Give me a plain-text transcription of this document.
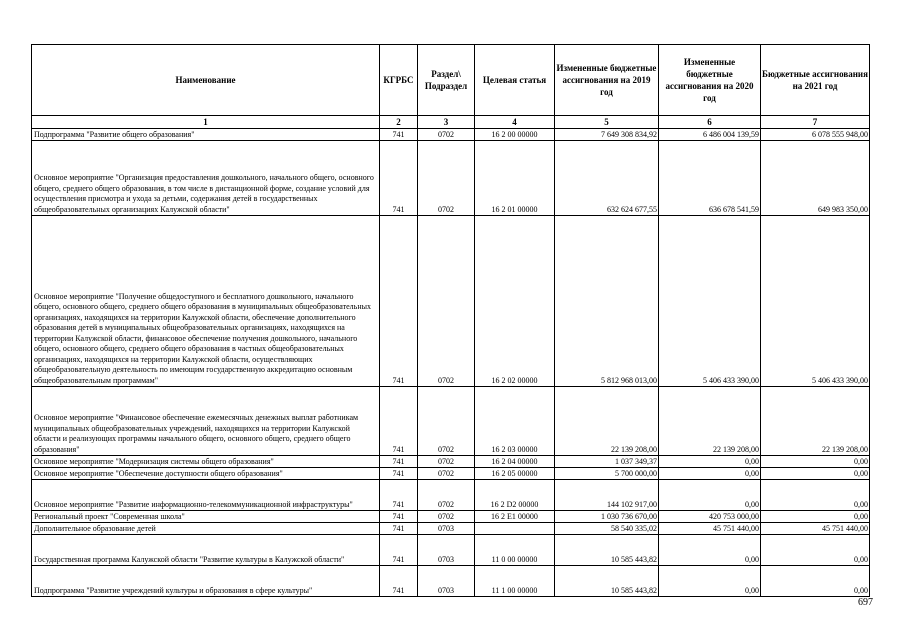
Наименование	КГРБС	Раздел\ Подраздел	Целевая статья	Измененные бюджетные ассигнования на 2019 год	Измененные бюджетные ассигнования на 2020 год	Бюджетные ассигнования на 2021 год
1	2	3	4	5	6	7
Подпрограмма "Развитие общего образования"	741	0702	16 2 00 00000	7 649 308 834,92	6 486 004 139,59	6 078 555 948,00
Основное мероприятие "Организация предоставления дошкольного, начального общего, основного общего, среднего общего образования, в том числе в дистанционной форме, создание условий для осуществления присмотра и ухода за детьми, содержания детей в государственных общеобразовательных организациях Калужской области"	741	0702	16 2 01 00000	632 624 677,55	636 678 541,59	649 983 350,00
Основное мероприятие "Получение общедоступного и бесплатного дошкольного, начального общего, основного общего, среднего общего образования в муниципальных общеобразовательных организациях, находящихся на территории Калужской области, обеспечение дополнительного образования детей в муниципальных общеобразовательных организациях, находящихся на территории Калужской области, финансовое обеспечение получения дошкольного, начального общего, основного общего, среднего общего образования в частных общеобразовательных организациях, находящихся на территории Калужской области, осуществляющих общеобразовательную деятельность по имеющим государственную аккредитацию основным общеобразовательным программам"	741	0702	16 2 02 00000	5 812 968 013,00	5 406 433 390,00	5 406 433 390,00
Основное мероприятие "Финансовое обеспечение ежемесячных денежных выплат работникам муниципальных общеобразовательных учреждений, находящихся на территории Калужской области и реализующих программы начального общего, основного общего, среднего общего образования"	741	0702	16 2 03 00000	22 139 208,00	22 139 208,00	22 139 208,00
Основное мероприятие "Модернизация системы общего образования"	741	0702	16 2 04 00000	1 037 349,37	0,00	0,00
Основное мероприятие "Обеспечение доступности общего образования"	741	0702	16 2 05 00000	5 700 000,00	0,00	0,00
Основное мероприятие "Развитие информационно-телекоммуникационной инфраструктуры"	741	0702	16 2 D2 00000	144 102 917,00	0,00	0,00
Региональный проект "Современная школа"	741	0702	16 2 E1 00000	1 030 736 670,00	420 753 000,00	0,00
Дополнительное образование детей	741	0703		58 540 335,02	45 751 440,00	45 751 440,00
Государственная программа Калужской области "Развитие культуры в Калужской области"	741	0703	11 0 00 00000	10 585 443,82	0,00	0,00
Подпрограмма "Развитие учреждений культуры и образования в сфере культуры"	741	0703	11 1 00 00000	10 585 443,82	0,00	0,00
697
